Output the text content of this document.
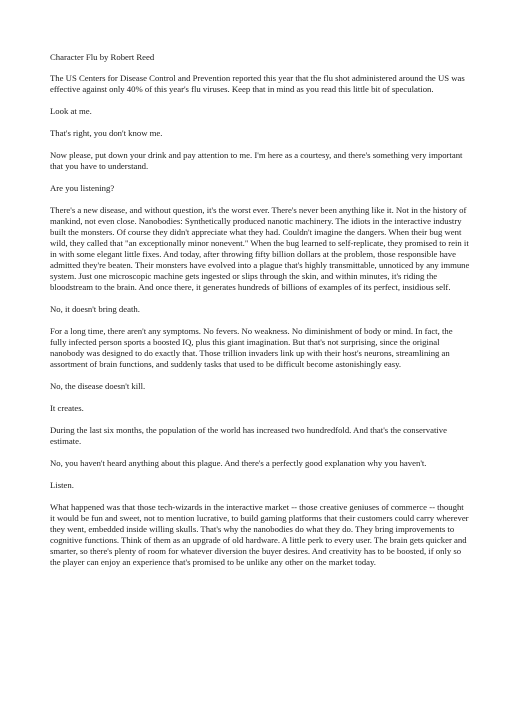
Character Flu by Robert Reed

The US Centers for Disease Control and Prevention reported this year that the flu shot administered around the US was effective against only 40% of this year's flu viruses. Keep that in mind as you read this little bit of speculation.

Look at me.

That's right, you don't know me.

Now please, put down your drink and pay attention to me. I'm here as a courtesy, and there's something very important that you have to understand.

Are you listening?

There's a new disease, and without question, it's the worst ever. There's never been anything like it. Not in the history of mankind, not even close. Nanobodies: Synthetically produced nanotic machinery. The idiots in the interactive industry built the monsters. Of course they didn't appreciate what they had. Couldn't imagine the dangers. When their bug went wild, they called that "an exceptionally minor nonevent." When the bug learned to self-replicate, they promised to rein it in with some elegant little fixes. And today, after throwing fifty billion dollars at the problem, those responsible have admitted they're beaten. Their monsters have evolved into a plague that's highly transmittable, unnoticed by any immune system. Just one microscopic machine gets ingested or slips through the skin, and within minutes, it's riding the bloodstream to the brain. And once there, it generates hundreds of billions of examples of its perfect, insidious self.

No, it doesn't bring death.

For a long time, there aren't any symptoms. No fevers. No weakness. No diminishment of body or mind. In fact, the fully infected person sports a boosted IQ, plus this giant imagination. But that's not surprising, since the original nanobody was designed to do exactly that. Those trillion invaders link up with their host's neurons, streamlining an assortment of brain functions, and suddenly tasks that used to be difficult become astonishingly easy.

No, the disease doesn't kill.

It creates.

During the last six months, the population of the world has increased two hundredfold. And that's the conservative estimate.

No, you haven't heard anything about this plague. And there's a perfectly good explanation why you haven't.

Listen.

What happened was that those tech-wizards in the interactive market -- those creative geniuses of commerce -- thought it would be fun and sweet, not to mention lucrative, to build gaming platforms that their customers could carry wherever they went, embedded inside willing skulls. That's why the nanobodies do what they do. They bring improvements to cognitive functions. Think of them as an upgrade of old hardware. A little perk to every user. The brain gets quicker and smarter, so there's plenty of room for whatever diversion the buyer desires. And creativity has to be boosted, if only so the player can enjoy an experience that's promised to be unlike any other on the market today.
